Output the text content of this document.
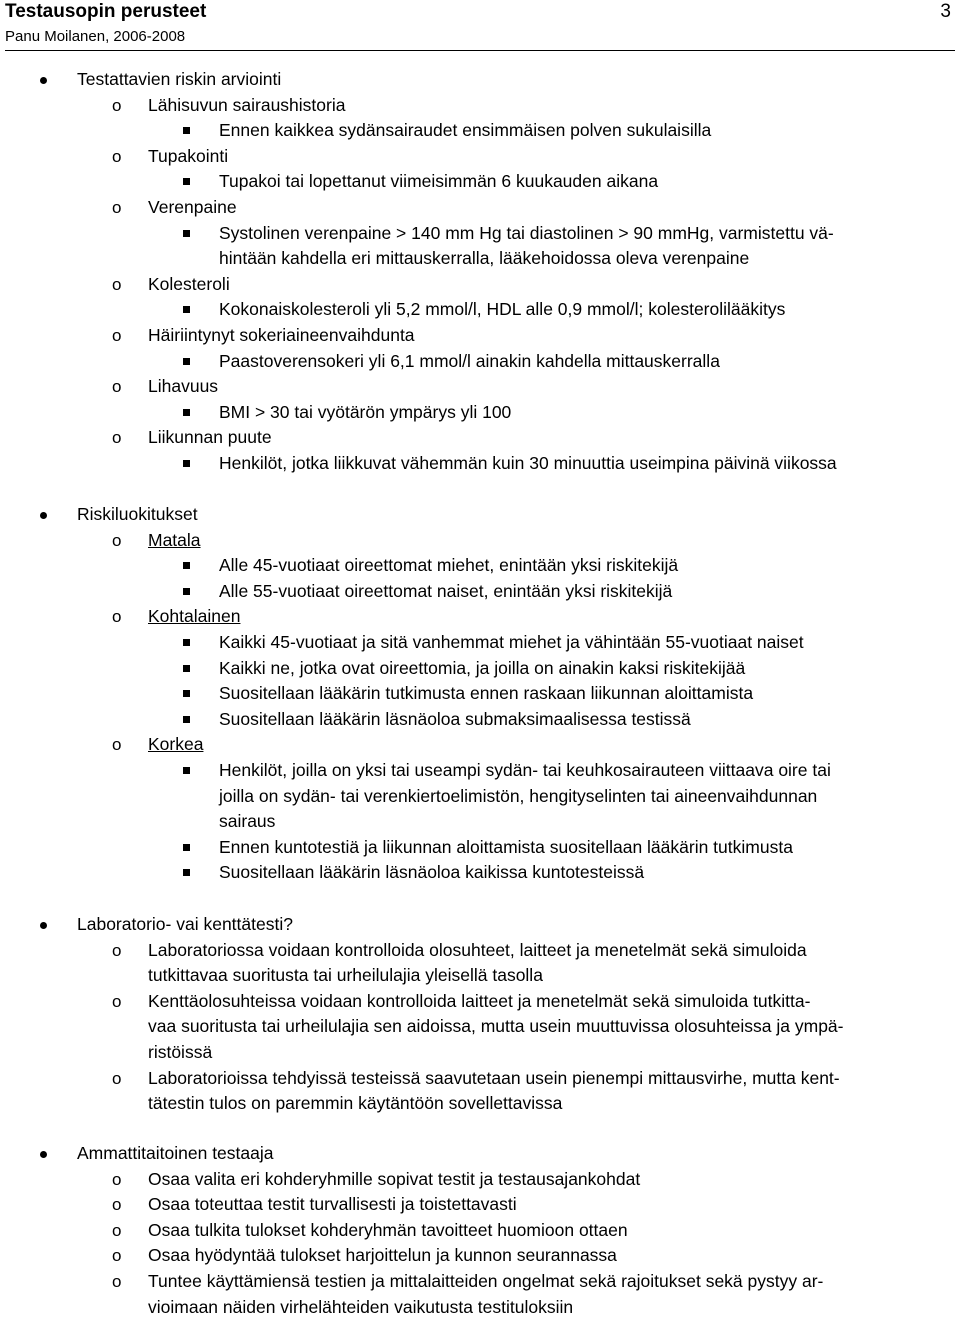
Testausopin perusteet
Panu Moilanen, 2006-2008
3
Testattavien riskin arviointi
o Lähisuvun sairaushistoria
Ennen kaikkea sydänsairaudet ensimmäisen polven sukulaisilla
o Tupakointi
Tupakoi tai lopettanut viimeisimmän 6 kuukauden aikana
o Verenpaine
Systolinen verenpaine > 140 mm Hg tai diastolinen > 90 mmHg, varmistettu vä-
hintään kahdella eri mittauskerralla, lääkehoidossa oleva verenpaine
o Kolesteroli
Kokonaiskolesteroli yli 5,2 mmol/l, HDL alle 0,9 mmol/l; kolesterolilääkitys
o Häiriintynyt sokeriaineenvaihdunta
Paastoverensokeri yli 6,1 mmol/l ainakin kahdella mittauskerralla
o Lihavuus
BMI > 30 tai vyötärön ympärys yli 100
o Liikunnan puute
Henkilöt, jotka liikkuvat vähemmän kuin 30 minuuttia useimpina päivinä viikossa
Riskiluokitukset
o Matala
Alle 45-vuotiaat oireettomat miehet, enintään yksi riskitekijä
Alle 55-vuotiaat oireettomat naiset, enintään yksi riskitekijä
o Kohtalainen
Kaikki 45-vuotiaat ja sitä vanhemmat miehet ja vähintään 55-vuotiaat naiset
Kaikki ne, jotka ovat oireettomia, ja joilla on ainakin kaksi riskitekijää
Suositellaan lääkärin tutkimusta ennen raskaan liikunnan aloittamista
Suositellaan lääkärin läsnäoloa submaksimaalisessa testissä
o Korkea
Henkilöt, joilla on yksi tai useampi sydän- tai keuhkosairauteen viittaava oire tai
joilla on sydän- tai verenkiertoelimistön, hengityselinten tai aineenvaihdunnan
sairaus
Ennen kuntotestiä ja liikunnan aloittamista suositellaan lääkärin tutkimusta
Suositellaan lääkärin läsnäoloa kaikissa kuntotesteissä
Laboratorio- vai kenttätesti?
o Laboratoriossa voidaan kontrolloida olosuhteet, laitteet ja menetelmät sekä simuloida
tutkittavaa suoritusta tai urheilulajia yleisellä tasolla
o Kenttäolosuhteissa voidaan kontrolloida laitteet ja menetelmät sekä simuloida tutkitta-
vaa suoritusta tai urheilulajia sen aidoissa, mutta usein muuttuvissa olosuhteissa ja ympä-
ristöissä
o Laboratorioissa tehdyissä testeissä saavutetaan usein pienempi mittausvirhe, mutta kent-
tätestin tulos on paremmin käytäntöön sovellettavissa
Ammattitaitoinen testaaja
o Osaa valita eri kohderyhmille sopivat testit ja testausajankohdat
o Osaa toteuttaa testit turvallisesti ja toistettavasti
o Osaa tulkita tulokset kohderyhmän tavoitteet huomioon ottaen
o Osaa hyödyntää tulokset harjoittelun ja kunnon seurannassa
o Tuntee käyttämiensä testien ja mittalaitteiden ongelmat sekä rajoitukset sekä pystyy ar-
vioimaan näiden virhelähteiden vaikutusta testituloksiin
